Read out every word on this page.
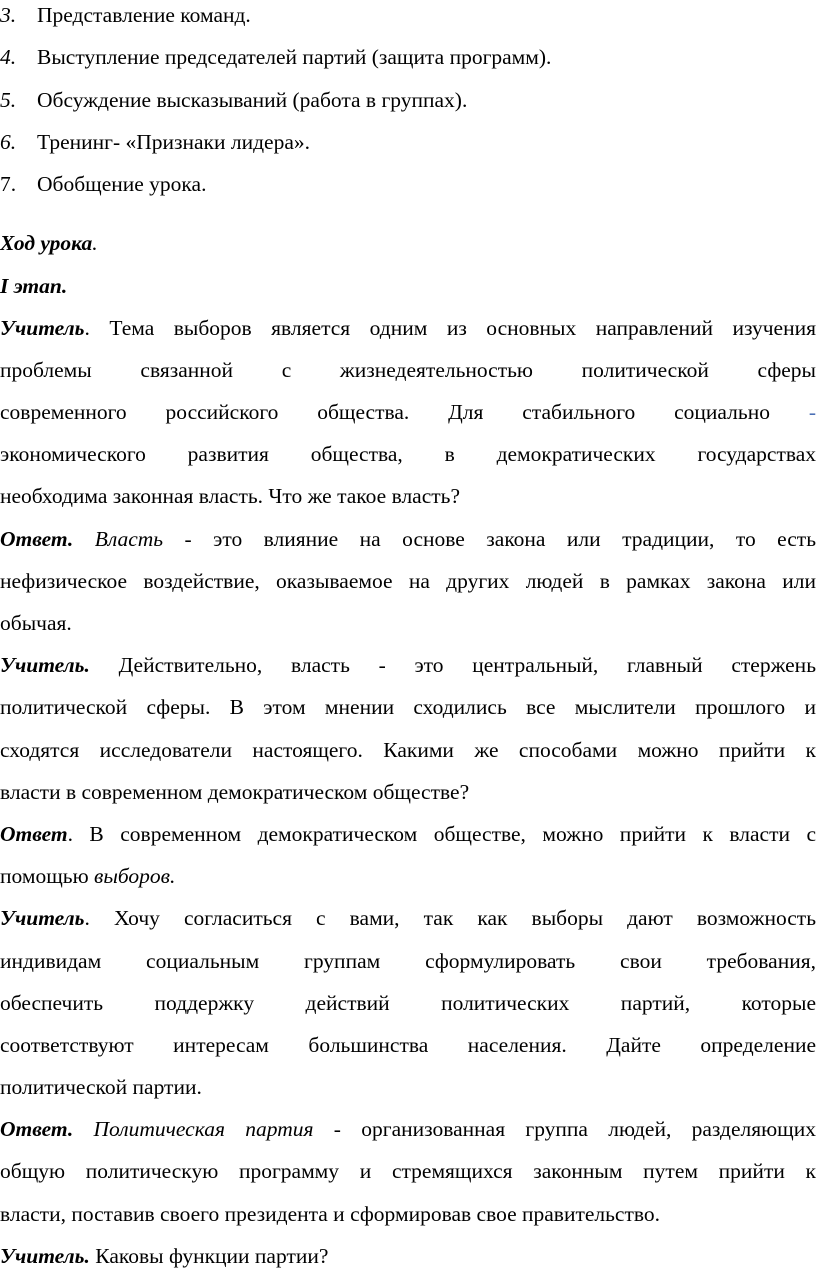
3. Представление команд.
4. Выступление председателей партий (защита программ).
5. Обсуждение высказываний (работа в группах).
6. Тренинг- «Признаки лидера».
7. Обобщение урока.
Ход урока.
I этап.
Учитель. Тема выборов является одним из основных направлений изучения
проблемы связанной с жизнедеятельностью политической сферы
современного российского общества. Для стабильного социально -
экономического развития общества, в демократических государствах
необходима законная власть. Что же такое власть?
Ответ. Власть - это влияние на основе закона или традиции, то есть
нефизическое воздействие, оказываемое на других людей в рамках закона или
обычая.
Учитель. Действительно, власть - это центральный, главный стержень
политической сферы. В этом мнении сходились все мыслители прошлого и
сходятся исследователи настоящего. Какими же способами можно прийти к
власти в современном демократическом обществе?
Ответ. В современном демократическом обществе, можно прийти к власти с
помощью выборов.
Учитель. Хочу согласиться с вами, так как выборы дают возможность
индивидам социальным группам сформулировать свои требования,
обеспечить поддержку действий политических партий, которые
соответствуют интересам большинства населения. Дайте определение
политической партии.
Ответ. Политическая партия - организованная группа людей, разделяющих
общую политическую программу и стремящихся законным путем прийти к
власти, поставив своего президента и сформировав свое правительство.
Учитель. Каковы функции партии?
